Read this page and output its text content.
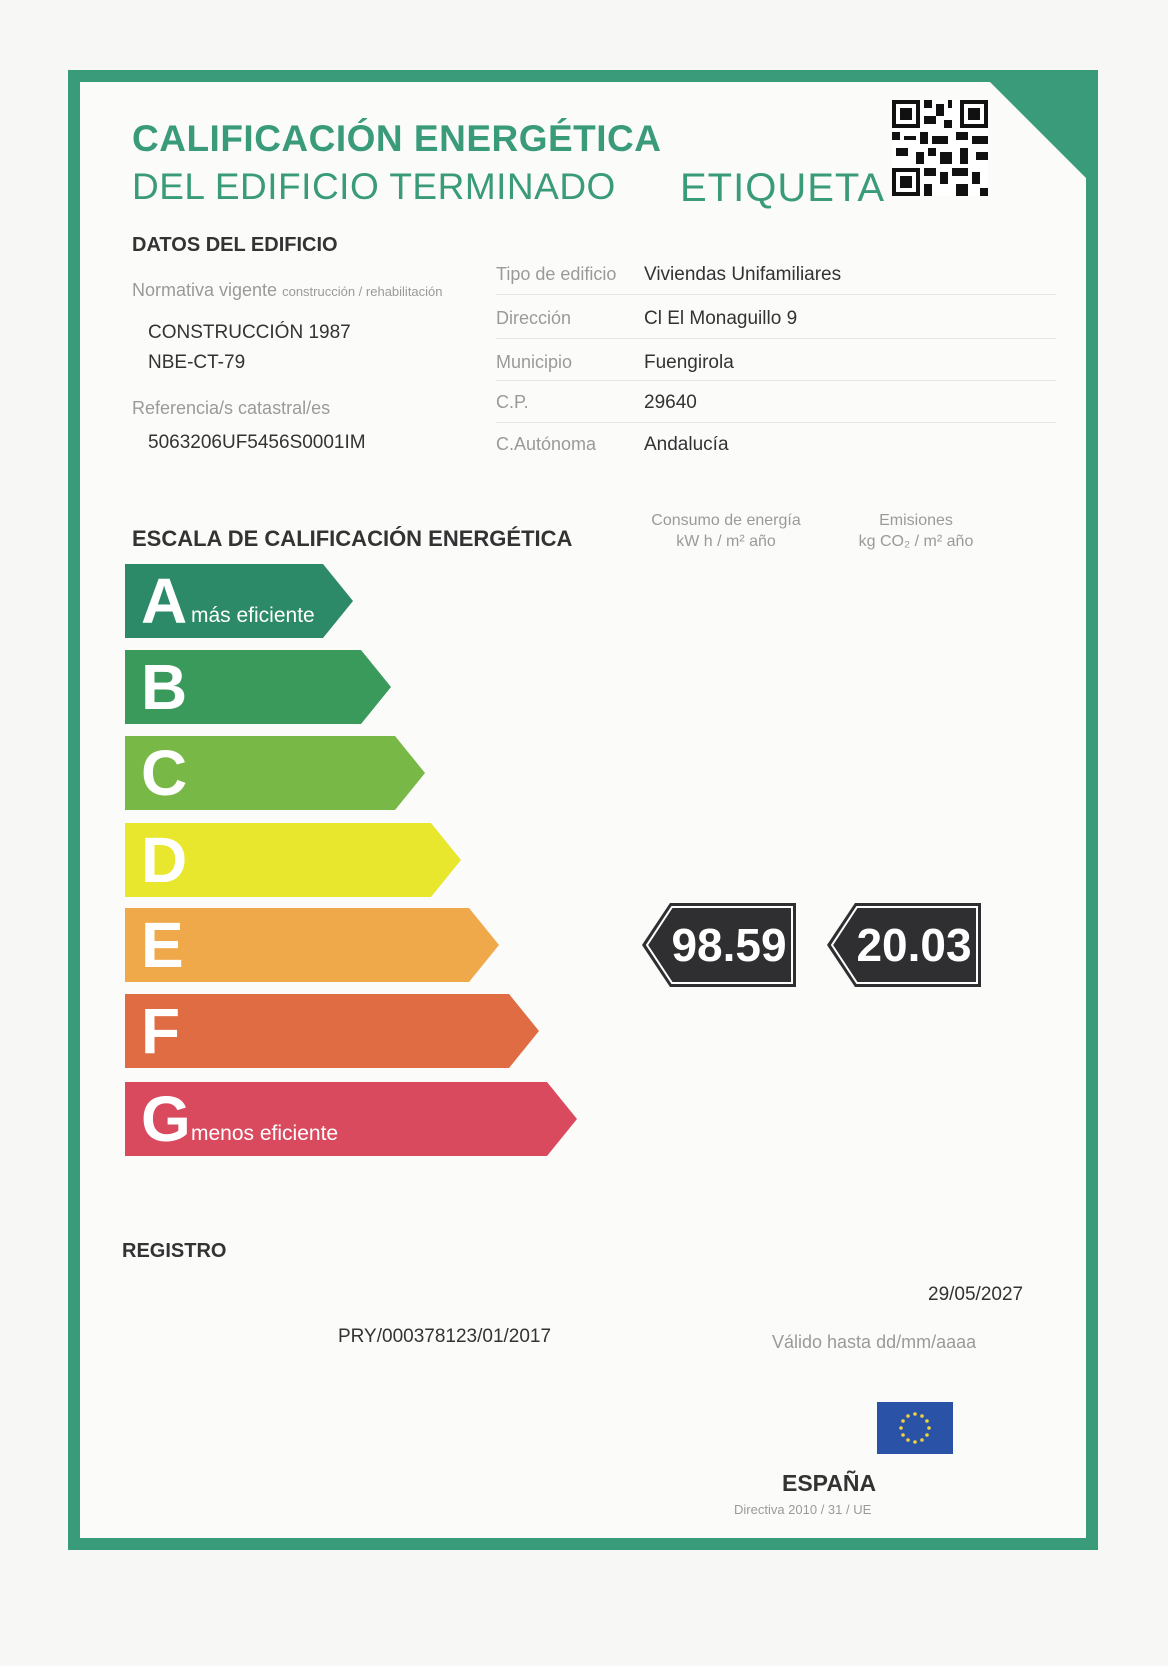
CALIFICACIÓN ENERGÉTICA
DEL EDIFICIO TERMINADO ETIQUETA
DATOS DEL EDIFICIO
Normativa vigente construcción / rehabilitación
CONSTRUCCIÓN 1987
NBE-CT-79
Referencia/s catastral/es
5063206UF5456S0001IM
Tipo de edificio Viviendas Unifamiliares
Dirección	Cl El Monaguillo 9
Municipio	Fuengirola
C.P.	29640
C.Autónoma	Andalucía
ESCALA DE CALIFICACIÓN ENERGÉTICA
Consumo de energía
kW h / m² año
Emisiones
kg CO₂ / m² año
A más eficiente
B
C
D
E
F
G menos eficiente
98.59 20.03
REGISTRO
29/05/2027
PRY/000378123/01/2017	Válido hasta dd/mm/aaaa
ESPAÑA
Directiva 2010 / 31 / UE
